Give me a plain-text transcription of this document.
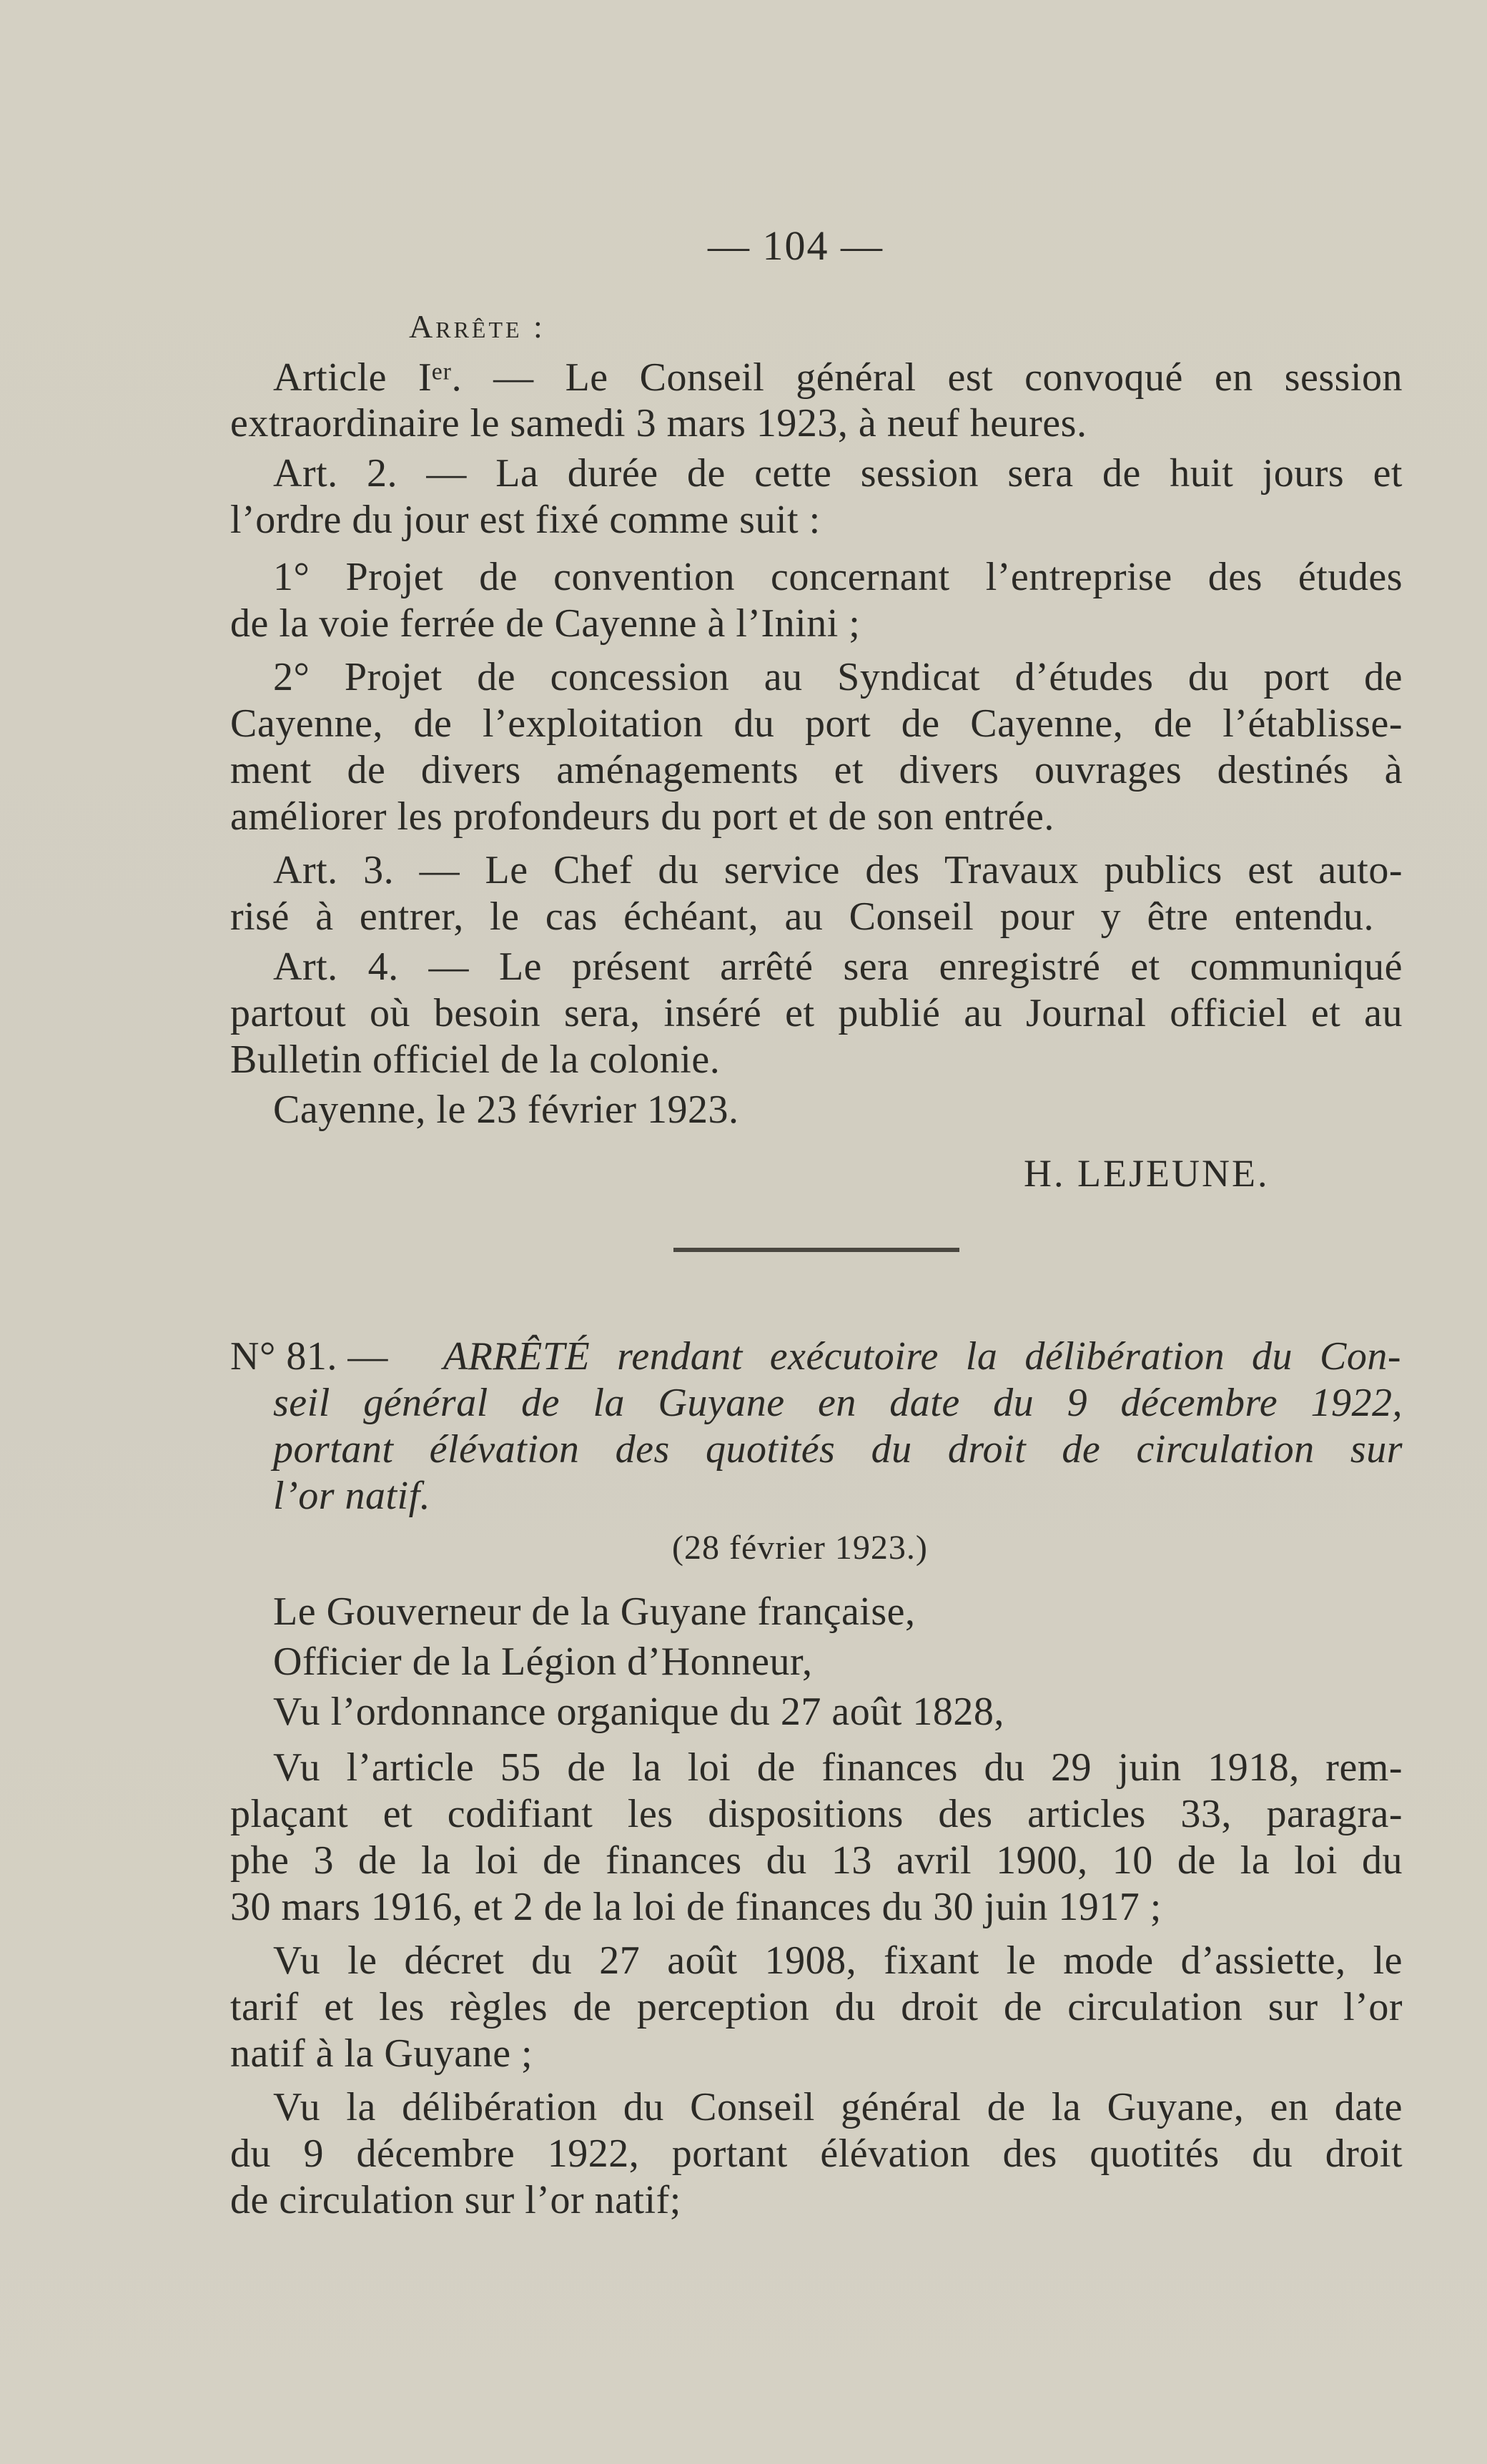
— 104 —
Arrête :
Article Iᵉʳ. — Le Conseil général est convoqué en session
extraordinaire le samedi 3 mars 1923, à neuf heures.
Art. 2. — La durée de cette session sera de huit jours et
l’ordre du jour est fixé comme suit :
1° Projet de convention concernant l’entreprise des études
de la voie ferrée de Cayenne à l’Inini ;
2° Projet de concession au Syndicat d’études du port de
Cayenne, de l’exploitation du port de Cayenne, de l’établisse-
ment de divers aménagements et divers ouvrages destinés à
améliorer les profondeurs du port et de son entrée.
Art. 3. — Le Chef du service des Travaux publics est auto-
risé à entrer, le cas échéant, au Conseil pour y être entendu.
Art. 4. — Le présent arrêté sera enregistré et communiqué
partout où besoin sera, inséré et publié au Journal officiel et au
Bulletin officiel de la colonie.
Cayenne, le 23 février 1923.
H. LEJEUNE.
N° 81. — ARRÊTÉ rendant exécutoire la délibération du Con-
seil général de la Guyane en date du 9 décembre 1922,
portant élévation des quotités du droit de circulation sur
l’or natif.
(28 février 1923.)
Le Gouverneur de la Guyane française,
Officier de la Légion d’Honneur,
Vu l’ordonnance organique du 27 août 1828,
Vu l’article 55 de la loi de finances du 29 juin 1918, rem-
plaçant et codifiant les dispositions des articles 33, paragra-
phe 3 de la loi de finances du 13 avril 1900, 10 de la loi du
30 mars 1916, et 2 de la loi de finances du 30 juin 1917 ;
Vu le décret du 27 août 1908, fixant le mode d’assiette, le
tarif et les règles de perception du droit de circulation sur l’or
natif à la Guyane ;
Vu la délibération du Conseil général de la Guyane, en date
du 9 décembre 1922, portant élévation des quotités du droit
de circulation sur l’or natif;
